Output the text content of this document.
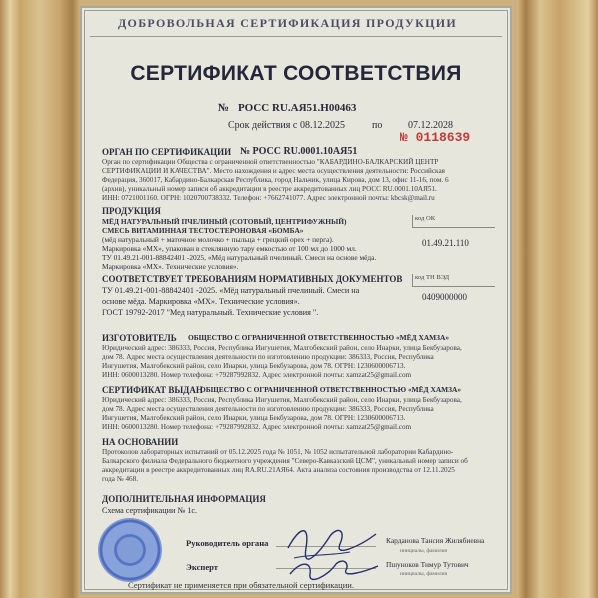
ДОБРОВОЛЬНАЯ СЕРТИФИКАЦИЯ ПРОДУКЦИИ
СЕРТИФИКАТ СООТВЕТСТВИЯ
№ РОСС RU.АЯ51.Н00463
Срок действия с 08.12.2025	по	07.12.2028
№ 0118639
ОРГАН ПО СЕРТИФИКАЦИИ № РОСС RU.0001.10АЯ51
Орган по сертификации Общества с ограниченной ответственностью "КАБАРДИНО-БАЛКАРСКИЙ ЦЕНТР
СЕРТИФИКАЦИИ И КАЧЕСТВА". Место нахождения и адрес места осуществления деятельности: Российская
Федерация, 360017, Кабардино-Балкарская Республика, город Нальчик, улица Кирова, дом 13, офис 11-16, пом. 6
(архив), уникальный номер записи об аккредитации в реестре аккредитованных лиц РОСС RU.0001.10АЯ51.
ИНН: 0721001160. ОГРН: 1020700738332. Телефон: +7662741077. Адрес электронной почты: kbcsk@mail.ru
ПРОДУКЦИЯ
МЁД НАТУРАЛЬНЫЙ ПЧЕЛИНЫЙ (СОТОВЫЙ, ЦЕНТРИФУЖНЫЙ)
СМЕСЬ ВИТАМИННАЯ ТЕСТОСТЕРОНОВАЯ «БОМБА»
(мёд натуральный + маточное молочко + пыльца + грецкий орех + перга).
Маркировка «МХ», упакован в стеклянную тару емкостью от 100 мл до 1000 мл.
ТУ 01.49.21-001-88842401 -2025, «Мёд натуральный пчелиный. Смеси на основе мёда.
Маркировка «МХ». Технические условия».
код ОК
01.49.21.110
СООТВЕТСТВУЕТ ТРЕБОВАНИЯМ НОРМАТИВНЫХ ДОКУМЕНТОВ
ТУ 01.49.21-001-88842401 -2025. «Мёд натуральный пчелиный. Смеси на
основе мёда. Маркировка «МХ». Технические условия».
ГОСТ 19792-2017 "Мед натуральный. Технические условия ".
код ТН ВЭД
0409000000
ИЗГОТОВИТЕЛЬ ОБЩЕСТВО С ОГРАНИЧЕННОЙ ОТВЕТСТВЕННОСТЬЮ «МЁД ХАМЗА»
Юридический адрес: 386333, Россия, Республика Ингушетия, Малгобекский район, село Инарки, улица Бекбузарова,
дом 78. Адрес места осуществления деятельности по изготовлению продукции: 386333, Россия, Республика
Ингушетия, Малгобекский район, село Инарки, улица Бекбузарова, дом 78. ОГРН: 1230600006713.
ИНН: 0600013280. Номер телефона: +79287992832. Адрес электронной почты: xamzat25@gmail.com
СЕРТИФИКАТ ВЫДАН
ОБЩЕСТВО С ОГРАНИЧЕННОЙ ОТВЕТСТВЕННОСТЬЮ «МЁД ХАМЗА»
Юридический адрес: 386333, Россия, Республика Ингушетия, Малгобекский район, село Инарки, улица Бекбузарова,
дом 78. Адрес места осуществления деятельности по изготовлению продукции: 386333, Россия, Республика
Ингушетия, Малгобекский район, село Инарки, улица Бекбузарова, дом 78. ОГРН: 1230600006713.
ИНН: 0600013280. Номер телефона: +79287992832. Адрес электронной почты: xamzat25@gmail.com
НА ОСНОВАНИИ
Протоколов лабораторных испытаний от 05.12.2025 года № 1051, № 1052 испытательной лаборатории Кабардино-
Балкарского филиала Федерального бюджетного учреждения "Северо-Кавказский ЦСМ", уникальный номер записи об
аккредитации в реестре аккредитованных лиц RA.RU.21АЯ64. Акта анализа состояния производства от 12.11.2025
года № 468.
ДОПОЛНИТЕЛЬНАЯ ИНФОРМАЦИЯ
Схема сертификации № 1с.
Руководитель органа	Карданова Тансия Жилябиевна
инициалы, фамилия
Эксперт	Пшуноков Тимур Тутович
инициалы, фамилия
Сертификат не применяется при обязательной сертификации.
